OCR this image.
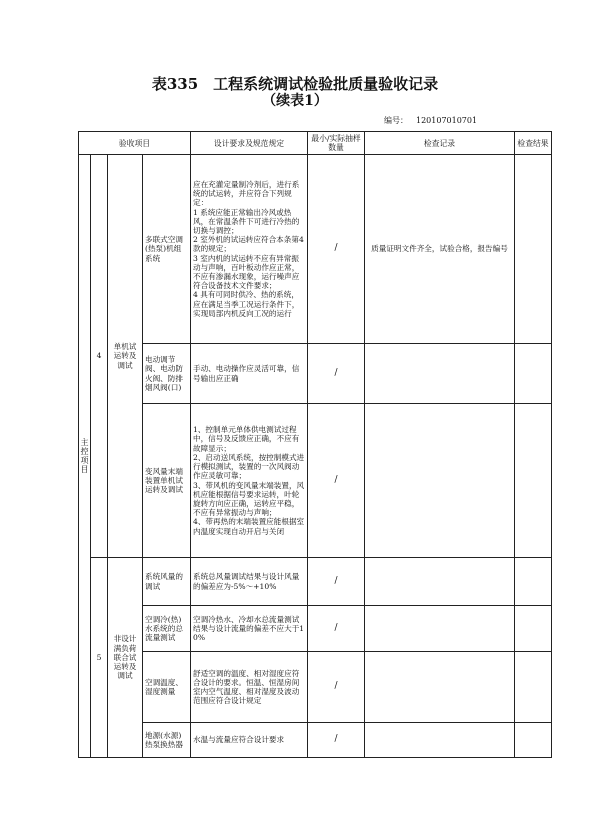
表335　工程系统调试检验批质量验收记录
（续表1）
编号： 120107010701
验收项目				设计要求及规范规定	最小/实际抽样数量	检查记录	检查结果
主控项目	4	单机试运转及调试	多联式空调(热泵)机组系统	应在充灌定量制冷剂后，进行系统的试运转，并应符合下列规定：
1 系统应能正常输出冷风或热风，在常温条件下可进行冷热的切换与调控；
2 室外机的试运转应符合本条第4款的规定；
3 室内机的试运转不应有异常振动与声响，百叶板动作应正常，不应有渗漏水现象，运行噪声应符合设备技术文件要求；
4 具有可同时供冷、热的系统，应在满足当季工况运行条件下，实现局部内机反向工况的运行	/	质量证明文件齐全，试验合格，报告编号	
			电动调节阀、电动防火阀、防排烟风阀(口)	手动、电动操作应灵活可靠，信号输出应正确	/		
			变风量末端装置单机试运转及调试	1、控制单元单体供电测试过程中，信号及反馈应正确，不应有故障显示；
2、启动送风系统，按控制模式进行模拟测试，装置的一次风阀动作应灵敏可靠；
3、带风机的变风量末端装置，风机应能根据信号要求运转，叶轮旋转方向应正确，运转应平稳，不应有异常振动与声响；
4、带再热的末端装置应能根据室内温度实现自动开启与关闭	/		
	5	非设计满负荷联合试运转及调试	系统风量的调试	系统总风量调试结果与设计风量的偏差应为-5%～+10%	/		
			空调冷(热)水系统的总流量测试	空调冷热水、冷却水总流量测试结果与设计流量的偏差不应大于10%	/		
			空调温度、湿度测量	舒适空调的温度、相对湿度应符合设计的要求。恒温、恒湿房间室内空气温度、相对湿度及波动范围应符合设计规定	/		
			地源(水源)热泵换热器	水温与流量应符合设计要求	/		
